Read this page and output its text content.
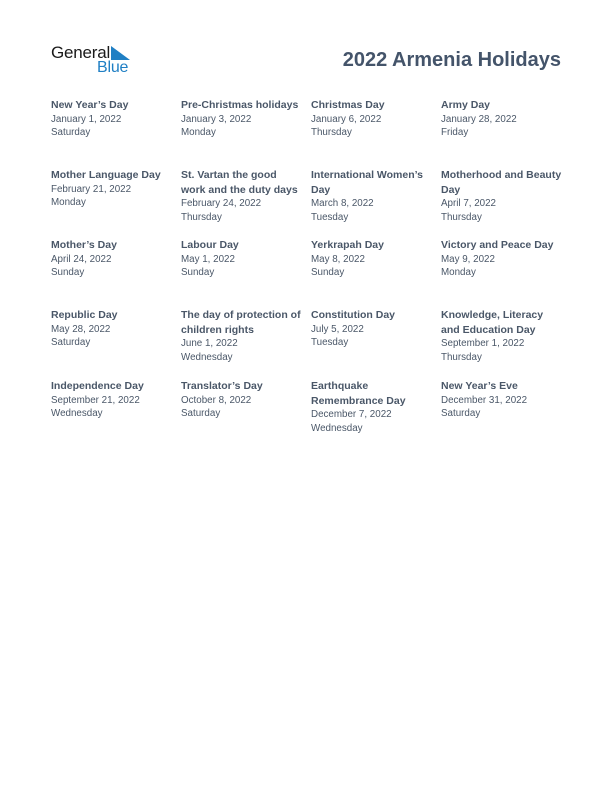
General
Blue	2022 Armenia Holidays
New Year’s Day
January 1, 2022
Saturday
Pre-Christmas holidays
January 3, 2022
Monday
Christmas Day
January 6, 2022
Thursday
Army Day
January 28, 2022
Friday
Mother Language Day
February 21, 2022
Monday
St. Vartan the good work and the duty days
February 24, 2022
Thursday
International Women’s Day
March 8, 2022
Tuesday
Motherhood and Beauty Day
April 7, 2022
Thursday
Mother’s Day
April 24, 2022
Sunday
Labour Day
May 1, 2022
Sunday
Yerkrapah Day
May 8, 2022
Sunday
Victory and Peace Day
May 9, 2022
Monday
Republic Day
May 28, 2022
Saturday
The day of protection of children rights
June 1, 2022
Wednesday
Constitution Day
July 5, 2022
Tuesday
Knowledge, Literacy and Education Day
September 1, 2022
Thursday
Independence Day
September 21, 2022
Wednesday
Translator’s Day
October 8, 2022
Saturday
Earthquake Remembrance Day
December 7, 2022
Wednesday
New Year’s Eve
December 31, 2022
Saturday
